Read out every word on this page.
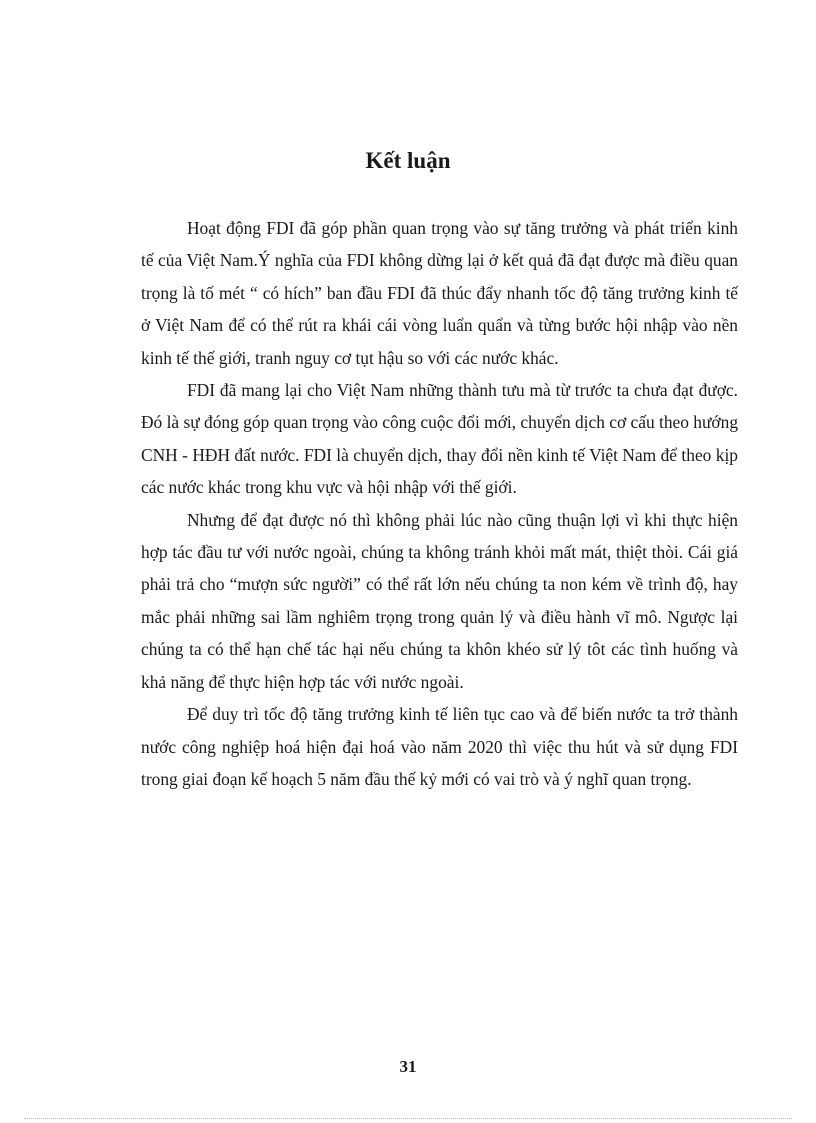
Kết luận

Hoạt động FDI đã góp phần quan trọng vào sự tăng trưởng và phát triển kinh tế của Việt Nam.Ý nghĩa của FDI không dừng lại ở kết quả đã đạt được mà điều quan trọng là tố mét “ có hích” ban đầu FDI đã thúc đẩy nhanh tốc độ tăng trưởng kinh tế ở Việt Nam để có thể rút ra khái cái vòng luẩn quẩn và từng bước hội nhập vào nền kinh tế thế giới, tranh nguy cơ tụt hậu so với các nước khác.

FDI đã mang lại cho Việt Nam những thành tưu mà từ trước ta chưa đạt được. Đó là sự đóng góp quan trọng vào công cuộc đổi mới, chuyển dịch cơ cấu theo hướng CNH - HĐH đất nước. FDI là chuyển dịch, thay đổi nền kinh tế Việt Nam để theo kịp các nước khác trong khu vực và hội nhập với thế giới.

Nhưng để đạt được nó thì không phải lúc nào cũng thuận lợi vì khi thực hiện hợp tác đầu tư với nước ngoài, chúng ta không tránh khỏi mất mát, thiệt thòi. Cái giá phải trả cho “mượn sức người” có thể rất lớn nếu chúng ta non kém về trình độ, hay mắc phải những sai lầm nghiêm trọng trong quản lý và điều hành vĩ mô. Ngược lại chúng ta có thể hạn chế tác hại nếu chúng ta khôn khéo sử lý tôt các tình huống và khả năng để thực hiện hợp tác với nước ngoài.

Để duy trì tốc độ tăng trưởng kinh tế liên tục cao và để biến nước ta trở thành nước công nghiệp hoá hiện đại hoá vào năm 2020 thì việc thu hút và sử dụng FDI trong giai đoạn kế hoạch 5 năm đầu thế kỷ mới có vai trò và ý nghĩ quan trọng.

31
